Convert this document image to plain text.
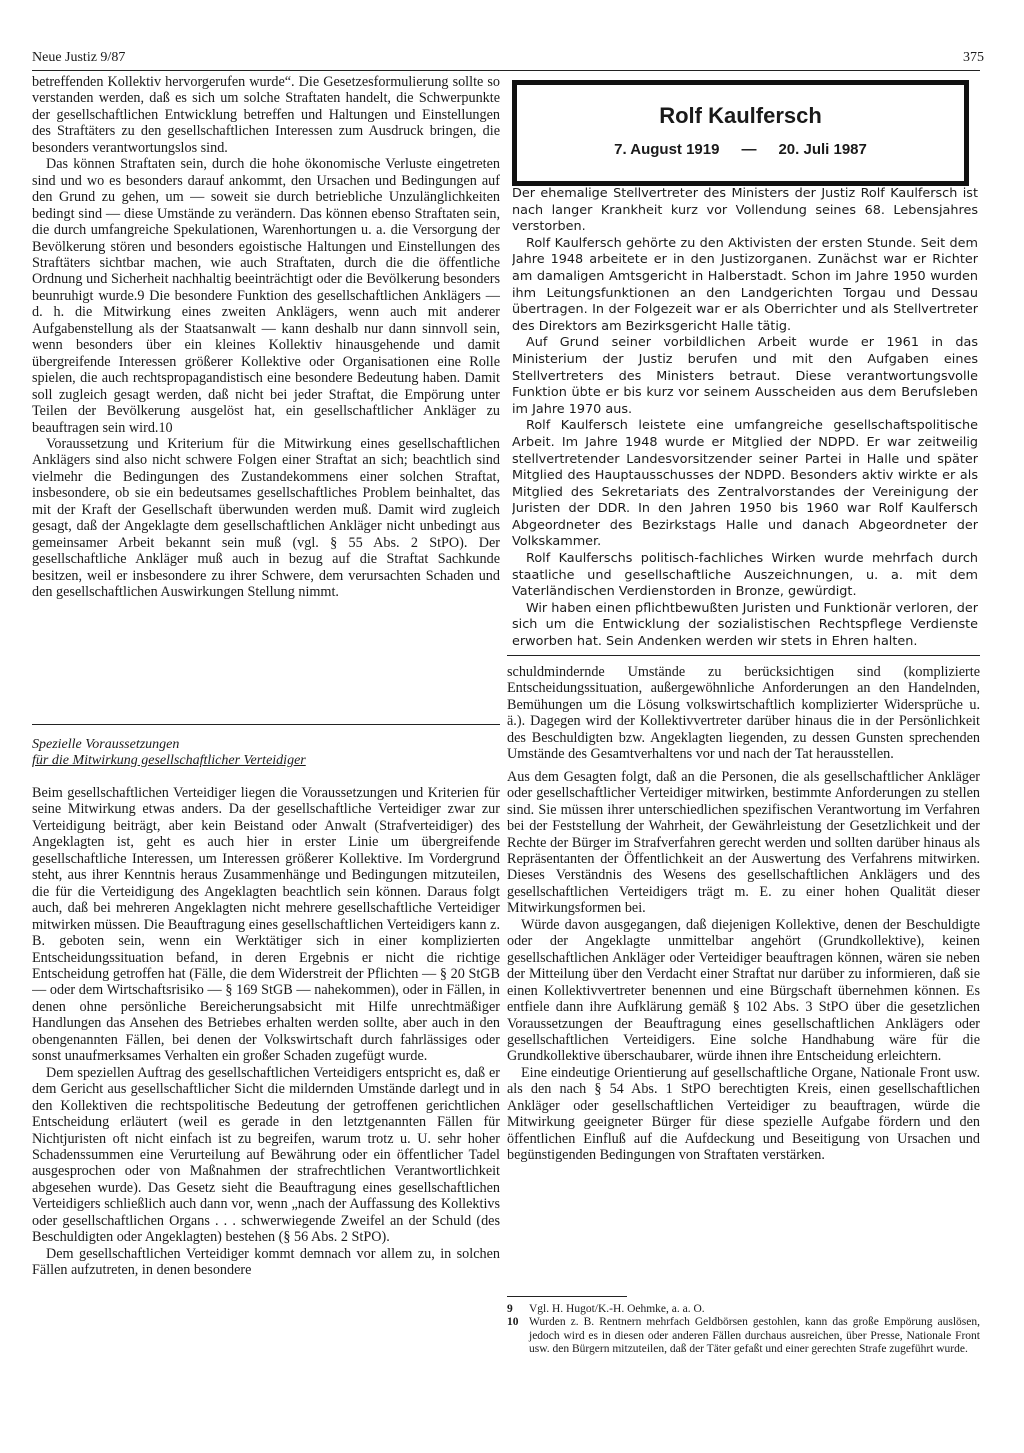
Neue Justiz 9/87	375

betreffenden Kollektiv hervorgerufen wurde“. Die Gesetzesformulierung sollte so verstanden werden, daß es sich um solche Straftaten handelt, die Schwerpunkte der gesellschaftlichen Entwicklung betreffen und Haltungen und Einstellungen des Straftäters zu den gesellschaftlichen Interessen zum Ausdruck bringen, die besonders verantwortungslos sind.

Das können Straftaten sein, durch die hohe ökonomische Verluste eingetreten sind und wo es besonders darauf ankommt, den Ursachen und Bedingungen auf den Grund zu gehen, um — soweit sie durch betriebliche Unzulänglichkeiten bedingt sind — diese Umstände zu verändern. Das können ebenso Straftaten sein, die durch umfangreiche Spekulationen, Warenhortungen u. a. die Versorgung der Bevölkerung stören und besonders egoistische Haltungen und Einstellungen des Straftäters sichtbar machen, wie auch Straftaten, durch die die öffentliche Ordnung und Sicherheit nachhaltig beeinträchtigt oder die Bevölkerung besonders beunruhigt wurde.9 Die besondere Funktion des gesellschaftlichen Anklägers — d. h. die Mitwirkung eines zweiten Anklägers, wenn auch mit anderer Aufgabenstellung als der Staatsanwalt — kann deshalb nur dann sinnvoll sein, wenn besonders über ein kleines Kollektiv hinausgehende und damit übergreifende Interessen größerer Kollektive oder Organisationen eine Rolle spielen, die auch rechtspropagandistisch eine besondere Bedeutung haben. Damit soll zugleich gesagt werden, daß nicht bei jeder Straftat, die Empörung unter Teilen der Bevölkerung ausgelöst hat, ein gesellschaftlicher Ankläger zu beauftragen sein wird.10

Voraussetzung und Kriterium für die Mitwirkung eines gesellschaftlichen Anklägers sind also nicht schwere Folgen einer Straftat an sich; beachtlich sind vielmehr die Bedingungen des Zustandekommens einer solchen Straftat, insbesondere, ob sie ein bedeutsames gesellschaftliches Problem beinhaltet, das mit der Kraft der Gesellschaft überwunden werden muß. Damit wird zugleich gesagt, daß der Angeklagte dem gesellschaftlichen Ankläger nicht unbedingt aus gemeinsamer Arbeit bekannt sein muß (vgl. § 55 Abs. 2 StPO). Der gesellschaftliche Ankläger muß auch in bezug auf die Straftat Sachkunde besitzen, weil er insbesondere zu ihrer Schwere, dem verursachten Schaden und den gesellschaftlichen Auswirkungen Stellung nimmt.

Spezielle Voraussetzungen
für die Mitwirkung gesellschaftlicher Verteidiger

Beim gesellschaftlichen Verteidiger liegen die Voraussetzungen und Kriterien für seine Mitwirkung etwas anders. Da der gesellschaftliche Verteidiger zwar zur Verteidigung beiträgt, aber kein Beistand oder Anwalt (Strafverteidiger) des Angeklagten ist, geht es auch hier in erster Linie um übergreifende gesellschaftliche Interessen, um Interessen größerer Kollektive. Im Vordergrund steht, aus ihrer Kenntnis heraus Zusammenhänge und Bedingungen mitzuteilen, die für die Verteidigung des Angeklagten beachtlich sein können. Daraus folgt auch, daß bei mehreren Angeklagten nicht mehrere gesellschaftliche Verteidiger mitwirken müssen. Die Beauftragung eines gesellschaftlichen Verteidigers kann z. B. geboten sein, wenn ein Werktätiger sich in einer komplizierten Entscheidungssituation befand, in deren Ergebnis er nicht die richtige Entscheidung getroffen hat (Fälle, die dem Widerstreit der Pflichten — § 20 StGB — oder dem Wirtschaftsrisiko — § 169 StGB — nahekommen), oder in Fällen, in denen ohne persönliche Bereicherungsabsicht mit Hilfe unrechtmäßiger Handlungen das Ansehen des Betriebes erhalten werden sollte, aber auch in den obengenannten Fällen, bei denen der Volkswirtschaft durch fahrlässiges oder sonst unaufmerksames Verhalten ein großer Schaden zugefügt wurde.

Dem speziellen Auftrag des gesellschaftlichen Verteidigers entspricht es, daß er dem Gericht aus gesellschaftlicher Sicht die mildernden Umstände darlegt und in den Kollektiven die rechtspolitische Bedeutung der getroffenen gerichtlichen Entscheidung erläutert (weil es gerade in den letztgenannten Fällen für Nichtjuristen oft nicht einfach ist zu begreifen, warum trotz u. U. sehr hoher Schadenssummen eine Verurteilung auf Bewährung oder ein öffentlicher Tadel ausgesprochen oder von Maßnahmen der strafrechtlichen Verantwortlichkeit abgesehen wurde). Das Gesetz sieht die Beauftragung eines gesellschaftlichen Verteidigers schließlich auch dann vor, wenn „nach der Auffassung des Kollektivs oder gesellschaftlichen Organs . . . schwerwiegende Zweifel an der Schuld (des Beschuldigten oder Angeklagten) bestehen (§ 56 Abs. 2 StPO).

Dem gesellschaftlichen Verteidiger kommt demnach vor allem zu, in solchen Fällen aufzutreten, in denen besondere

Rolf Kaulfersch
7. August 1919 — 20. Juli 1987

Der ehemalige Stellvertreter des Ministers der Justiz Rolf Kaulfersch ist nach langer Krankheit kurz vor Vollendung seines 68. Lebensjahres verstorben.

Rolf Kaulfersch gehörte zu den Aktivisten der ersten Stunde. Seit dem Jahre 1948 arbeitete er in den Justizorganen. Zunächst war er Richter am damaligen Amtsgericht in Halberstadt. Schon im Jahre 1950 wurden ihm Leitungsfunktionen an den Landgerichten Torgau und Dessau übertragen. In der Folgezeit war er als Oberrichter und als Stellvertreter des Direktors am Bezirksgericht Halle tätig.

Auf Grund seiner vorbildlichen Arbeit wurde er 1961 in das Ministerium der Justiz berufen und mit den Aufgaben eines Stellvertreters des Ministers betraut. Diese verantwortungsvolle Funktion übte er bis kurz vor seinem Ausscheiden aus dem Berufsleben im Jahre 1970 aus.

Rolf Kaulfersch leistete eine umfangreiche gesellschaftspolitische Arbeit. Im Jahre 1948 wurde er Mitglied der NDPD. Er war zeitweilig stellvertretender Landesvorsitzender seiner Partei in Halle und später Mitglied des Hauptausschusses der NDPD. Besonders aktiv wirkte er als Mitglied des Sekretariats des Zentralvorstandes der Vereinigung der Juristen der DDR. In den Jahren 1950 bis 1960 war Rolf Kaulfersch Abgeordneter des Bezirkstags Halle und danach Abgeordneter der Volkskammer.

Rolf Kaulferschs politisch-fachliches Wirken wurde mehrfach durch staatliche und gesellschaftliche Auszeichnungen, u. a. mit dem Vaterländischen Verdienstorden in Bronze, gewürdigt.

Wir haben einen pflichtbewußten Juristen und Funktionär verloren, der sich um die Entwicklung der sozialistischen Rechtspflege Verdienste erworben hat. Sein Andenken werden wir stets in Ehren halten.

schuldmindernde Umstände zu berücksichtigen sind (komplizierte Entscheidungssituation, außergewöhnliche Anforderungen an den Handelnden, Bemühungen um die Lösung volkswirtschaftlich komplizierter Widersprüche u. ä.). Dagegen wird der Kollektivvertreter darüber hinaus die in der Persönlichkeit des Beschuldigten bzw. Angeklagten liegenden, zu dessen Gunsten sprechenden Umstände des Gesamtverhaltens vor und nach der Tat herausstellen.

Aus dem Gesagten folgt, daß an die Personen, die als gesellschaftlicher Ankläger oder gesellschaftlicher Verteidiger mitwirken, bestimmte Anforderungen zu stellen sind. Sie müssen ihrer unterschiedlichen spezifischen Verantwortung im Verfahren bei der Feststellung der Wahrheit, der Gewährleistung der Gesetzlichkeit und der Rechte der Bürger im Strafverfahren gerecht werden und sollten darüber hinaus als Repräsentanten der Öffentlichkeit an der Auswertung des Verfahrens mitwirken. Dieses Verständnis des Wesens des gesellschaftlichen Anklägers und des gesellschaftlichen Verteidigers trägt m. E. zu einer hohen Qualität dieser Mitwirkungsformen bei.

Würde davon ausgegangen, daß diejenigen Kollektive, denen der Beschuldigte oder der Angeklagte unmittelbar angehört (Grundkollektive), keinen gesellschaftlichen Ankläger oder Verteidiger beauftragen können, wären sie neben der Mitteilung über den Verdacht einer Straftat nur darüber zu informieren, daß sie einen Kollektivvertreter benennen und eine Bürgschaft übernehmen können. Es entfiele dann ihre Aufklärung gemäß § 102 Abs. 3 StPO über die gesetzlichen Voraussetzungen der Beauftragung eines gesellschaftlichen Anklägers oder gesellschaftlichen Verteidigers. Eine solche Handhabung wäre für die Grundkollektive überschaubarer, würde ihnen ihre Entscheidung erleichtern.

Eine eindeutige Orientierung auf gesellschaftliche Organe, Nationale Front usw. als den nach § 54 Abs. 1 StPO berechtigten Kreis, einen gesellschaftlichen Ankläger oder gesellschaftlichen Verteidiger zu beauftragen, würde die Mitwirkung geeigneter Bürger für diese spezielle Aufgabe fördern und den öffentlichen Einfluß auf die Aufdeckung und Beseitigung von Ursachen und begünstigenden Bedingungen von Straftaten verstärken.

9	Vgl. H. Hugot/K.-H. Oehmke, a. a. O.
10 Wurden z. B. Rentnern mehrfach Geldbörsen gestohlen, kann das große Empörung auslösen, jedoch wird es in diesen oder anderen Fällen durchaus ausreichen, über Presse, Nationale Front usw. den Bürgern mitzuteilen, daß der Täter gefaßt und einer gerechten Strafe zugeführt wurde.
